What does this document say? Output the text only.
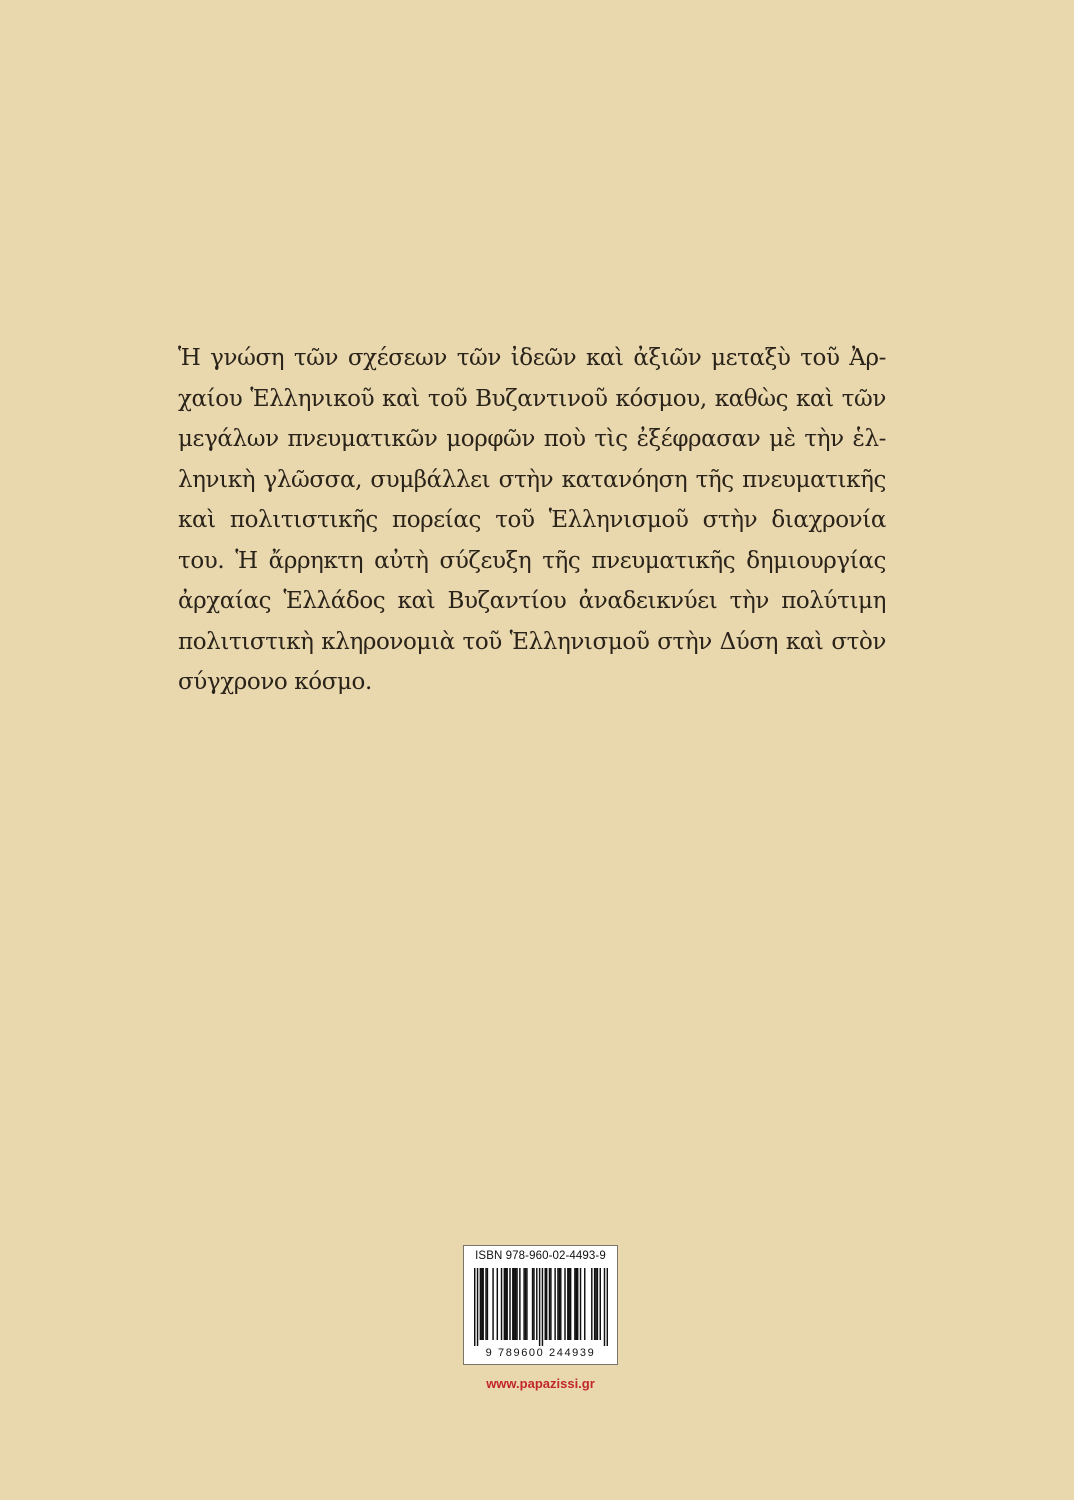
Ἡ γνώση τῶν σχέσεων τῶν ἰδεῶν καὶ ἀξιῶν μεταξὺ τοῦ Ἀρ-
χαίου Ἑλληνικοῦ καὶ τοῦ Βυζαντινοῦ κόσμου, καθὼς καὶ τῶν
μεγάλων πνευματικῶν μορφῶν ποὺ τὶς ἐξέφρασαν μὲ τὴν ἑλ-
ληνικὴ γλῶσσα, συμβάλλει στὴν κατανόηση τῆς πνευματικῆς
καὶ πολιτιστικῆς πορείας τοῦ Ἑλληνισμοῦ στὴν διαχρονία
του. Ἡ ἄρρηκτη αὐτὴ σύζευξη τῆς πνευματικῆς δημιουργίας
ἀρχαίας Ἑλλάδος καὶ Βυζαντίου ἀναδεικνύει τὴν πολύτιμη
πολιτιστικὴ κληρονομιὰ τοῦ Ἑλληνισμοῦ στὴν Δύση καὶ στὸν
σύγχρονο κόσμο.
ISBN 978-960-02-4493-9
9 789600 244939
www.papazissi.gr
